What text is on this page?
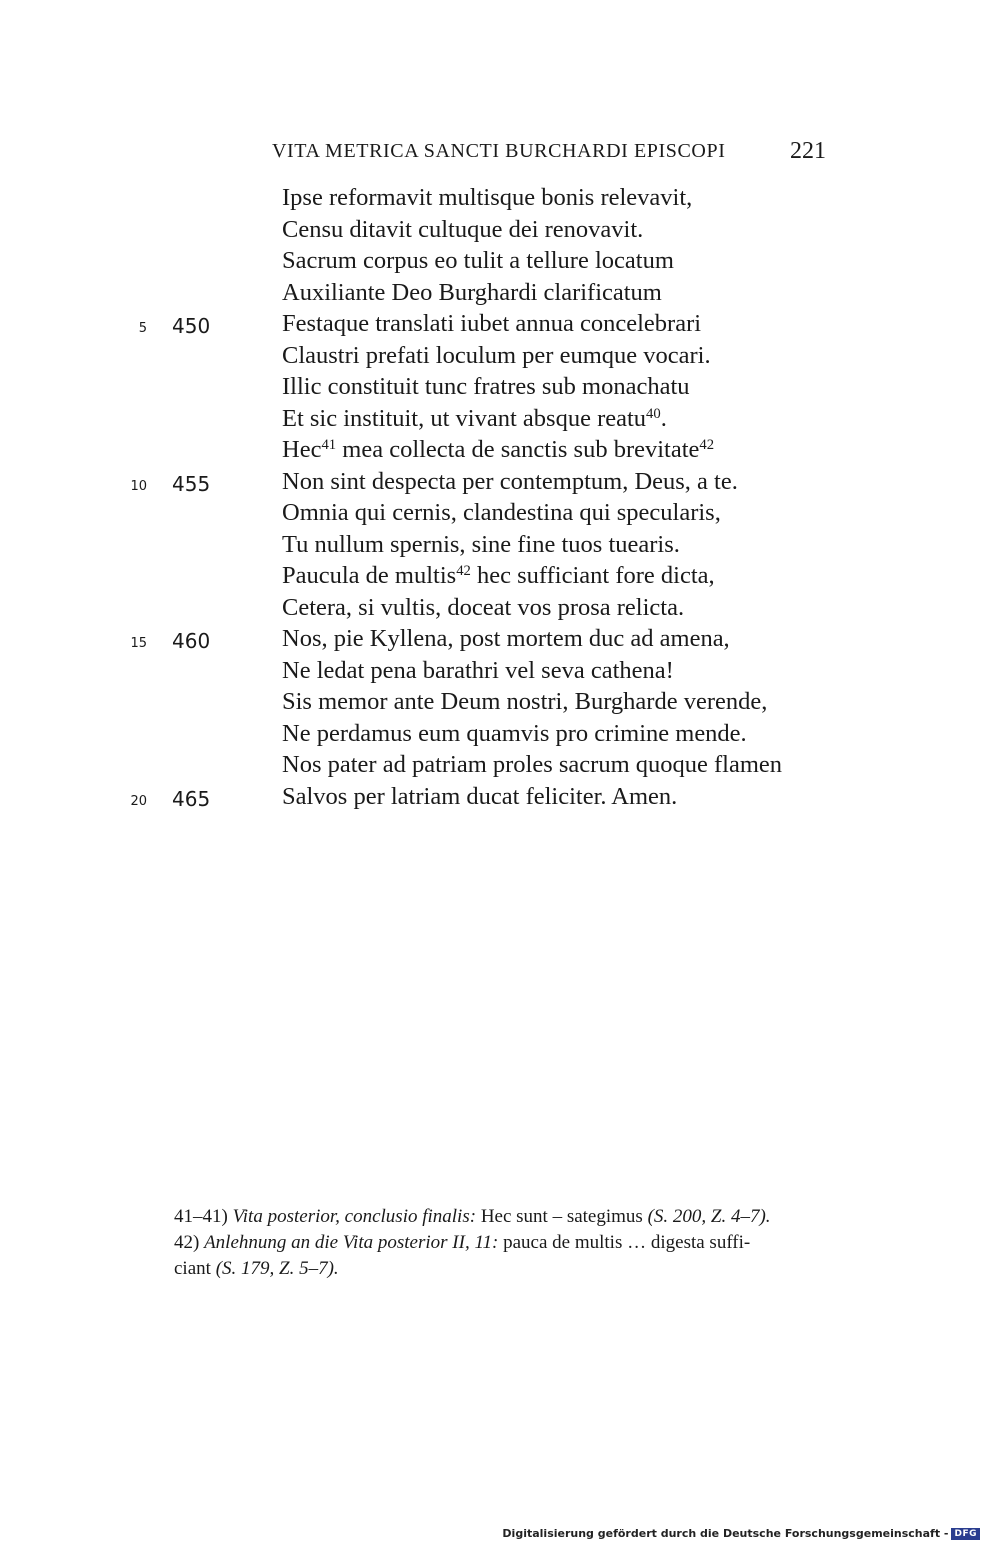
VITA METRICA SANCTI BURCHARDI EPISCOPI	221
Ipse reformavit multisque bonis relevavit,
Censu ditavit cultuque dei renovavit.
Sacrum corpus eo tulit a tellure locatum
Auxiliante Deo Burghardi clarificatum
5 450	Festaque translati iubet annua concelebrari
Claustri prefati loculum per eumque vocari.
Illic constituit tunc fratres sub monachatu
Et sic instituit, ut vivant absque reatu$^{40}$.
Hec$^{41}$ mea collecta de sanctis sub brevitate$^{42}$
10 455	Non sint despecta per contemptum, Deus, a te.
Omnia qui cernis, clandestina qui specularis,
Tu nullum spernis, sine fine tuos tuearis.
Paucula de multis$^{42}$ hec sufficiant fore dicta,
Cetera, si vultis, doceat vos prosa relicta.
15 460	Nos, pie Kyllena, post mortem duc ad amena,
Ne ledat pena barathri vel seva cathena!
Sis memor ante Deum nostri, Burgharde verende,
Ne perdamus eum quamvis pro crimine mende.
Nos pater ad patriam proles sacrum quoque flamen
20 465	Salvos per latriam ducat feliciter. Amen.

41–41) Vita posterior, conclusio finalis: Hec sunt – sategimus (S. 200, Z. 4–7).

42) Anlehnung an die Vita posterior II, 11: pauca de multis … digesta suffi-
ciant (S. 179, Z. 5–7).

Digitalisierung gefördert durch die Deutsche Forschungsgemeinschaft - DFG
